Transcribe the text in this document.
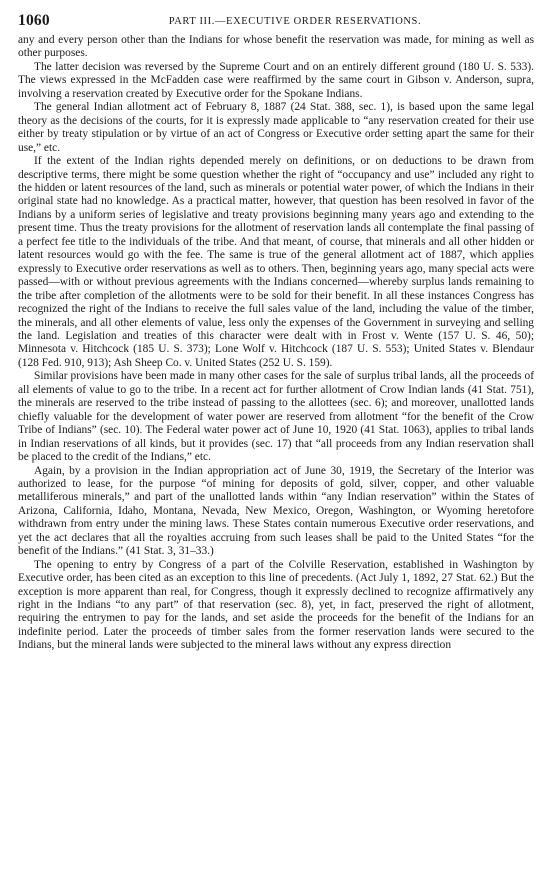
1060	PART III.—EXECUTIVE ORDER RESERVATIONS.

any and every person other than the Indians for whose benefit the reservation was made, for mining as well as other purposes.

The latter decision was reversed by the Supreme Court and on an entirely different ground (180 U. S. 533). The views expressed in the McFadden case were reaffirmed by the same court in Gibson v. Anderson, supra, involving a reservation created by Executive order for the Spokane Indians.

The general Indian allotment act of February 8, 1887 (24 Stat. 388, sec. 1), is based upon the same legal theory as the decisions of the courts, for it is expressly made applicable to “any reservation created for their use either by treaty stipulation or by virtue of an act of Congress or Executive order setting apart the same for their use,” etc.

If the extent of the Indian rights depended merely on definitions, or on deductions to be drawn from descriptive terms, there might be some question whether the right of “occupancy and use” included any right to the hidden or latent resources of the land, such as minerals or potential water power, of which the Indians in their original state had no knowledge. As a practical matter, however, that question has been resolved in favor of the Indians by a uniform series of legislative and treaty provisions beginning many years ago and extending to the present time. Thus the treaty provisions for the allotment of reservation lands all contemplate the final passing of a perfect fee title to the individuals of the tribe. And that meant, of course, that minerals and all other hidden or latent resources would go with the fee. The same is true of the general allotment act of 1887, which applies expressly to Executive order reservations as well as to others. Then, beginning years ago, many special acts were passed—with or without previous agreements with the Indians concerned—whereby surplus lands remaining to the tribe after completion of the allotments were to be sold for their benefit. In all these instances Congress has recognized the right of the Indians to receive the full sales value of the land, including the value of the timber, the minerals, and all other elements of value, less only the expenses of the Government in surveying and selling the land. Legislation and treaties of this character were dealt with in Frost v. Wente (157 U. S. 46, 50); Minnesota v. Hitchcock (185 U. S. 373); Lone Wolf v. Hitchcock (187 U. S. 553); United States v. Blendaur (128 Fed. 910, 913); Ash Sheep Co. v. United States (252 U. S. 159).

Similar provisions have been made in many other cases for the sale of surplus tribal lands, all the proceeds of all elements of value to go to the tribe. In a recent act for further allotment of Crow Indian lands (41 Stat. 751), the minerals are reserved to the tribe instead of passing to the allottees (sec. 6); and moreover, unallotted lands chiefly valuable for the development of water power are reserved from allotment “for the benefit of the Crow Tribe of Indians” (sec. 10). The Federal water power act of June 10, 1920 (41 Stat. 1063), applies to tribal lands in Indian reservations of all kinds, but it provides (sec. 17) that “all proceeds from any Indian reservation shall be placed to the credit of the Indians,” etc.

Again, by a provision in the Indian appropriation act of June 30, 1919, the Secretary of the Interior was authorized to lease, for the purpose “of mining for deposits of gold, silver, copper, and other valuable metalliferous minerals,” and part of the unallotted lands within “any Indian reservation” within the States of Arizona, California, Idaho, Montana, Nevada, New Mexico, Oregon, Washington, or Wyoming heretofore withdrawn from entry under the mining laws. These States contain numerous Executive order reservations, and yet the act declares that all the royalties accruing from such leases shall be paid to the United States “for the benefit of the Indians.” (41 Stat. 3, 31–33.)

The opening to entry by Congress of a part of the Colville Reservation, established in Washington by Executive order, has been cited as an exception to this line of precedents. (Act July 1, 1892, 27 Stat. 62.) But the exception is more apparent than real, for Congress, though it expressly declined to recognize affirmatively any right in the Indians “to any part” of that reservation (sec. 8), yet, in fact, preserved the right of allotment, requiring the entrymen to pay for the lands, and set aside the proceeds for the benefit of the Indians for an indefinite period. Later the proceeds of timber sales from the former reservation lands were secured to the Indians, but the mineral lands were subjected to the mineral laws without any express direction
